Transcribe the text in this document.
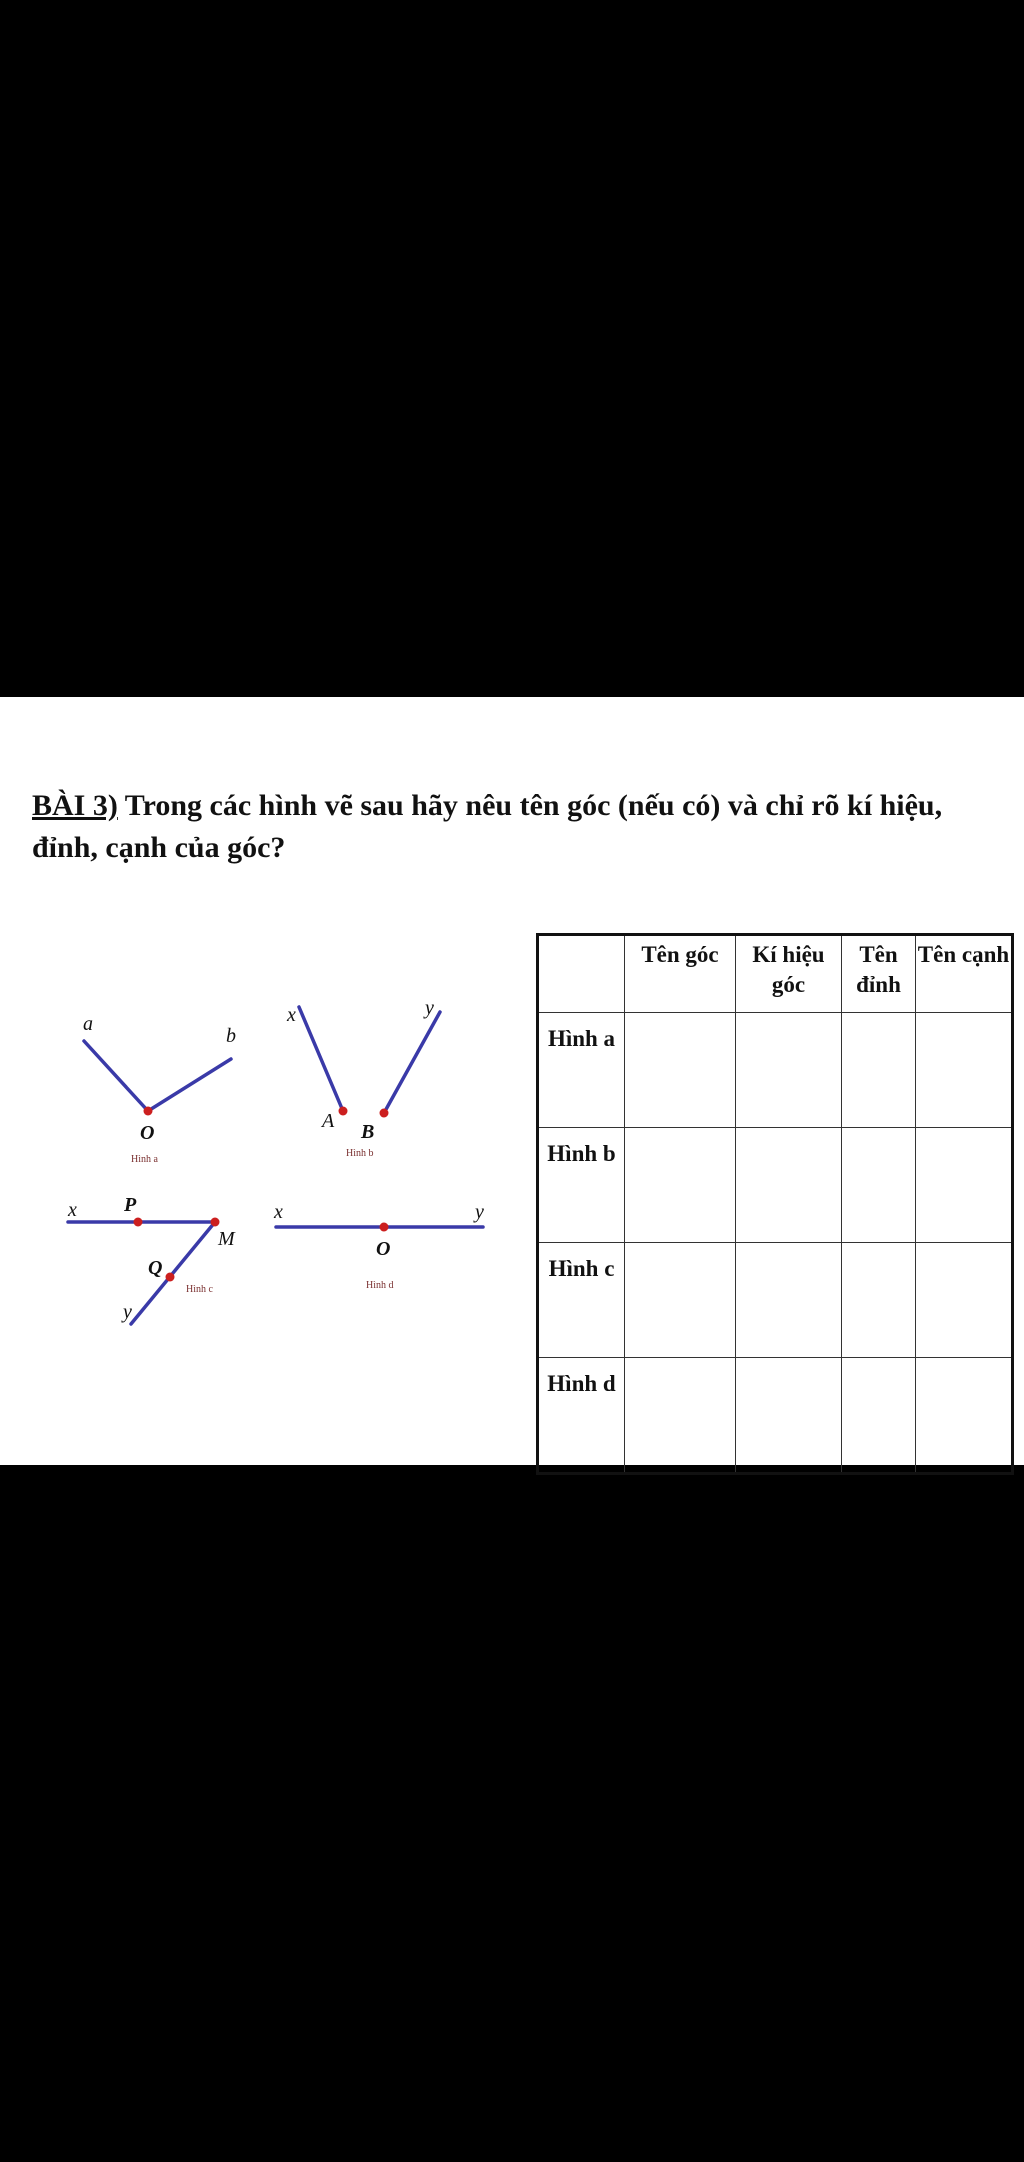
BÀI 3) Trong các hình vẽ sau hãy nêu tên góc (nếu có) và chỉ rõ kí hiệu, đỉnh, cạnh của góc?
a
b
O
x	y
A B
x P
M
Q
y
x	y
O
Hình a
Hình b
Hình c	Hình d
	Tên góc	Kí hiệu góc	Tên đỉnh	Tên cạnh
Hình a				
Hình b				
Hình c				
Hình d				
